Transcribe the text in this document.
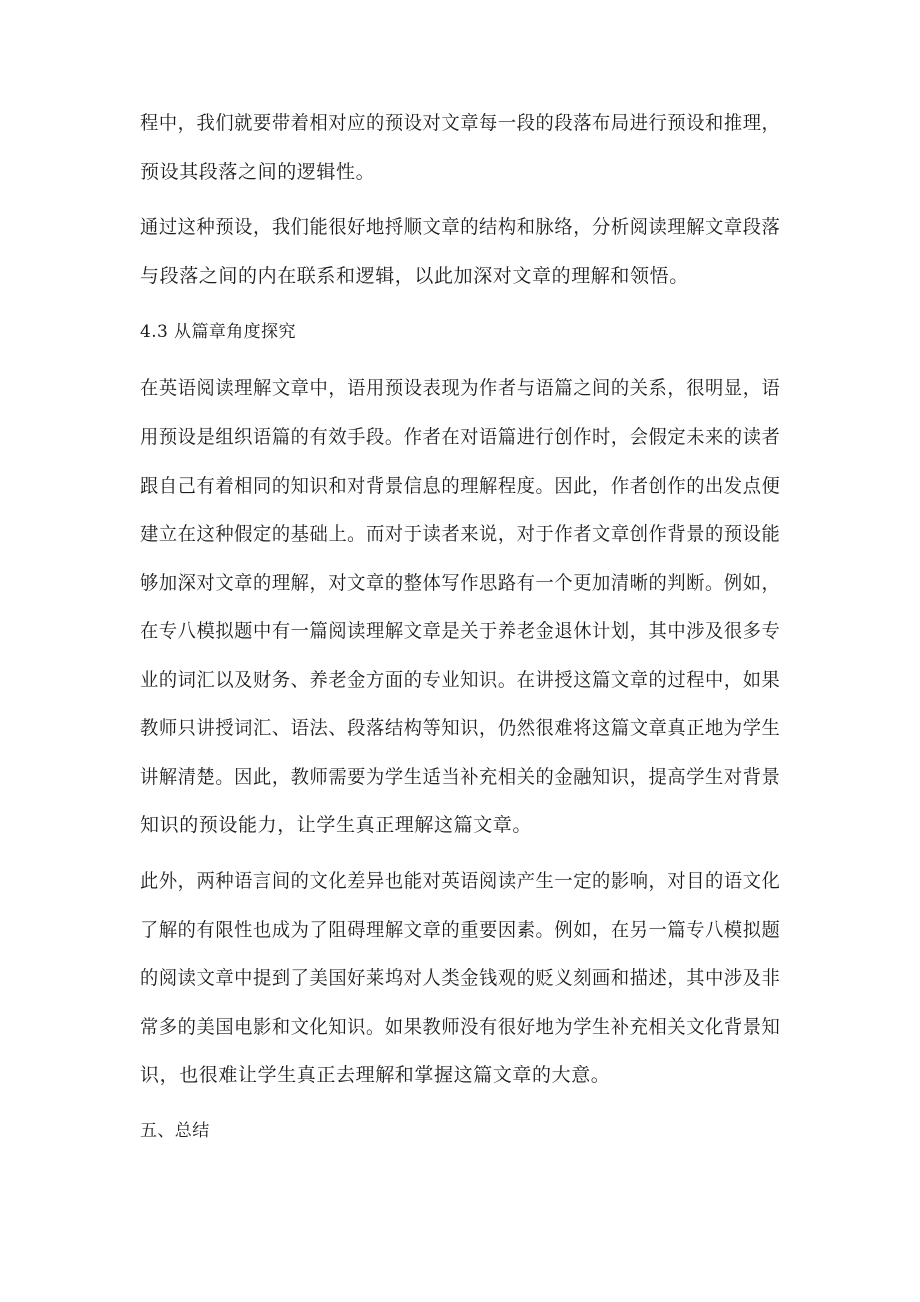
程中，我们就要带着相对应的预设对文章每一段的段落布局进行预设和推理，
预设其段落之间的逻辑性。
通过这种预设，我们能很好地捋顺文章的结构和脉络，分析阅读理解文章段落
与段落之间的内在联系和逻辑，以此加深对文章的理解和领悟。
4.3 从篇章角度探究
在英语阅读理解文章中，语用预设表现为作者与语篇之间的关系，很明显，语
用预设是组织语篇的有效手段。作者在对语篇进行创作时，会假定未来的读者
跟自己有着相同的知识和对背景信息的理解程度。因此，作者创作的出发点便
建立在这种假定的基础上。而对于读者来说，对于作者文章创作背景的预设能
够加深对文章的理解，对文章的整体写作思路有一个更加清晰的判断。例如，
在专八模拟题中有一篇阅读理解文章是关于养老金退休计划，其中涉及很多专
业的词汇以及财务、养老金方面的专业知识。在讲授这篇文章的过程中，如果
教师只讲授词汇、语法、段落结构等知识，仍然很难将这篇文章真正地为学生
讲解清楚。因此，教师需要为学生适当补充相关的金融知识，提高学生对背景
知识的预设能力，让学生真正理解这篇文章。
此外，两种语言间的文化差异也能对英语阅读产生一定的影响，对目的语文化
了解的有限性也成为了阻碍理解文章的重要因素。例如，在另一篇专八模拟题
的阅读文章中提到了美国好莱坞对人类金钱观的贬义刻画和描述，其中涉及非
常多的美国电影和文化知识。如果教师没有很好地为学生补充相关文化背景知
识，也很难让学生真正去理解和掌握这篇文章的大意。
五、总结
